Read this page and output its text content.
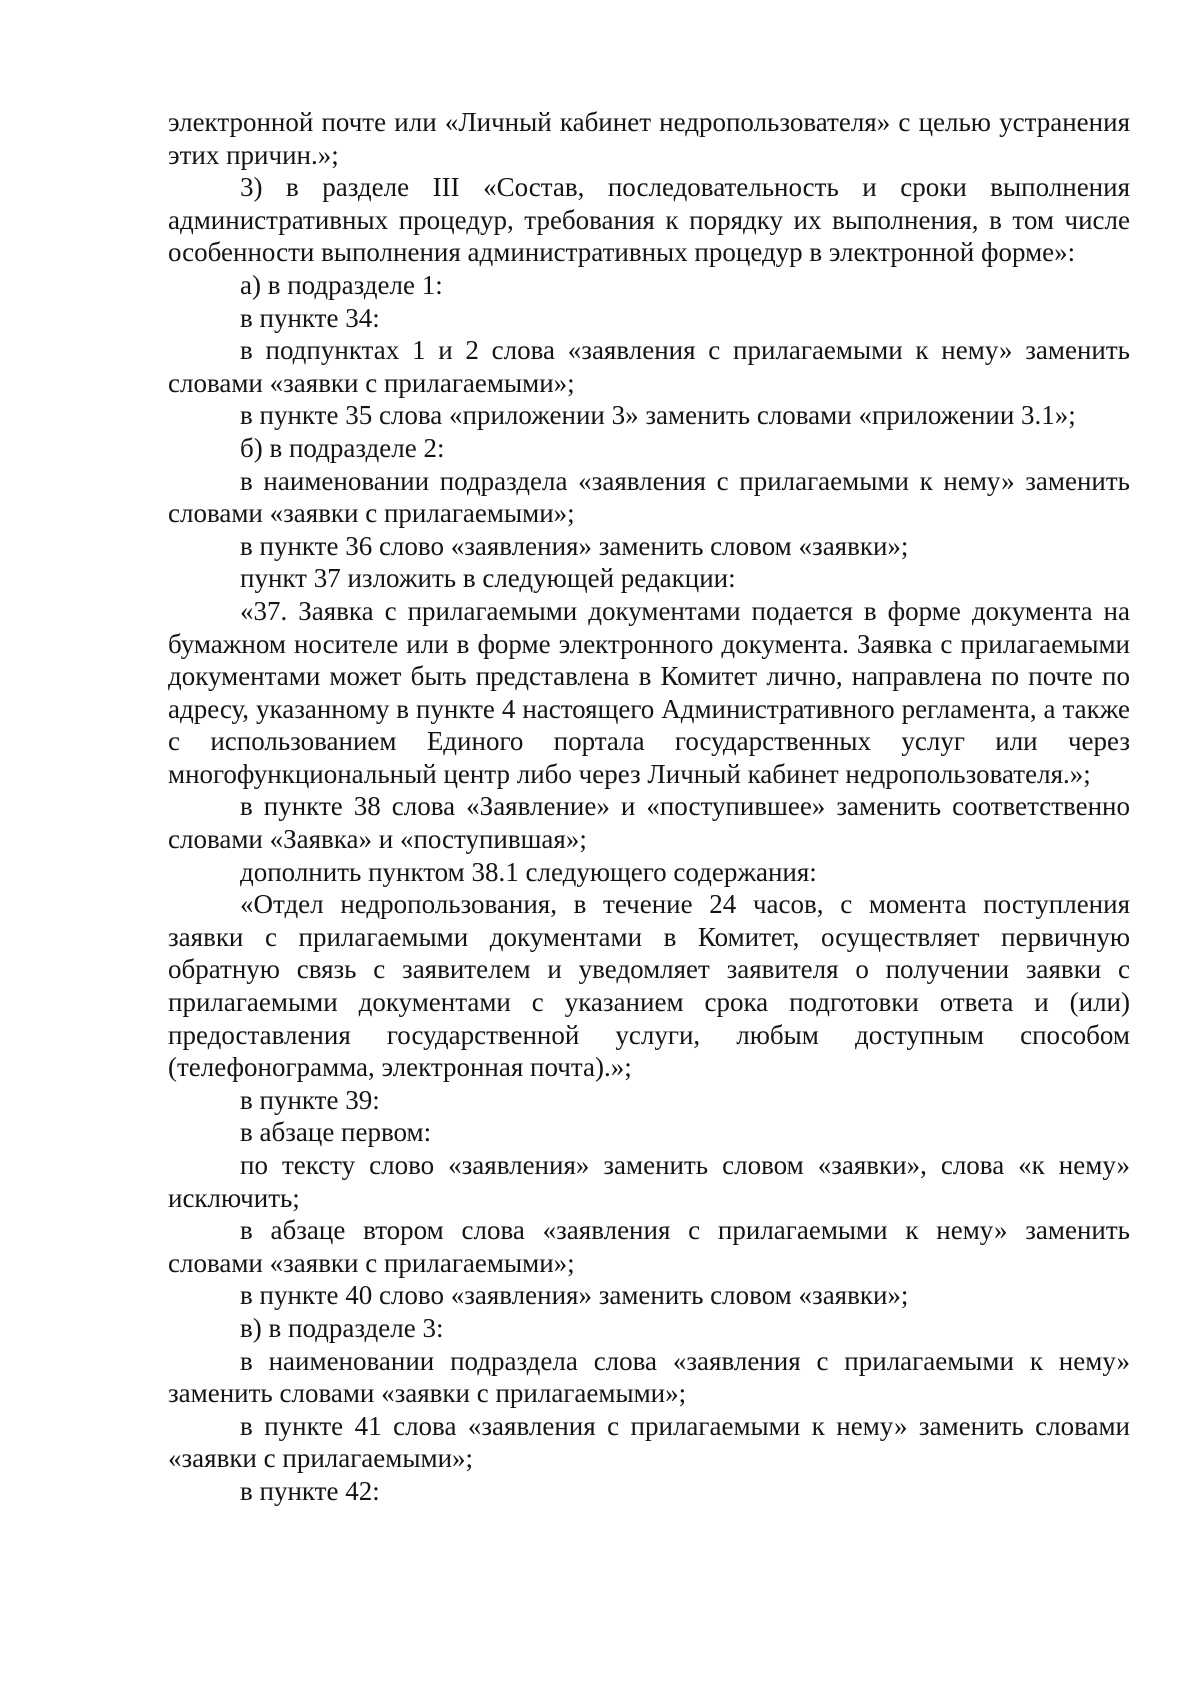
электронной почте или «Личный кабинет недропользователя» с целью устранения этих причин.»;

3) в разделе III «Состав, последовательность и сроки выполнения административных процедур, требования к порядку их выполнения, в том числе особенности выполнения административных процедур в электронной форме»:

а) в подразделе 1:

в пункте 34:

в подпунктах 1 и 2 слова «заявления с прилагаемыми к нему» заменить словами «заявки с прилагаемыми»;

в пункте 35 слова «приложении 3» заменить словами «приложении 3.1»;

б) в подразделе 2:

в наименовании подраздела «заявления с прилагаемыми к нему» заменить словами «заявки с прилагаемыми»;

в пункте 36 слово «заявления» заменить словом «заявки»;

пункт 37 изложить в следующей редакции:

«37. Заявка с прилагаемыми документами подается в форме документа на бумажном носителе или в форме электронного документа. Заявка с прилагаемыми документами может быть представлена в Комитет лично, направлена по почте по адресу, указанному в пункте 4 настоящего Административного регламента, а также с использованием Единого портала государственных услуг или через многофункциональный центр либо через Личный кабинет недропользователя.»;

в пункте 38 слова «Заявление» и «поступившее» заменить соответственно словами «Заявка» и «поступившая»;

дополнить пунктом 38.1 следующего содержания:

«Отдел недропользования, в течение 24 часов, с момента поступления заявки с прилагаемыми документами в Комитет, осуществляет первичную обратную связь с заявителем и уведомляет заявителя о получении заявки с прилагаемыми документами с указанием срока подготовки ответа и (или) предоставления государственной услуги, любым доступным способом (телефонограмма, электронная почта).»;

в пункте 39:

в абзаце первом:

по тексту слово «заявления» заменить словом «заявки», слова «к нему» исключить;

в абзаце втором слова «заявления с прилагаемыми к нему» заменить словами «заявки с прилагаемыми»;

в пункте 40 слово «заявления» заменить словом «заявки»;

в) в подразделе 3:

в наименовании подраздела слова «заявления с прилагаемыми к нему» заменить словами «заявки с прилагаемыми»;

в пункте 41 слова «заявления с прилагаемыми к нему» заменить словами «заявки с прилагаемыми»;

в пункте 42:
